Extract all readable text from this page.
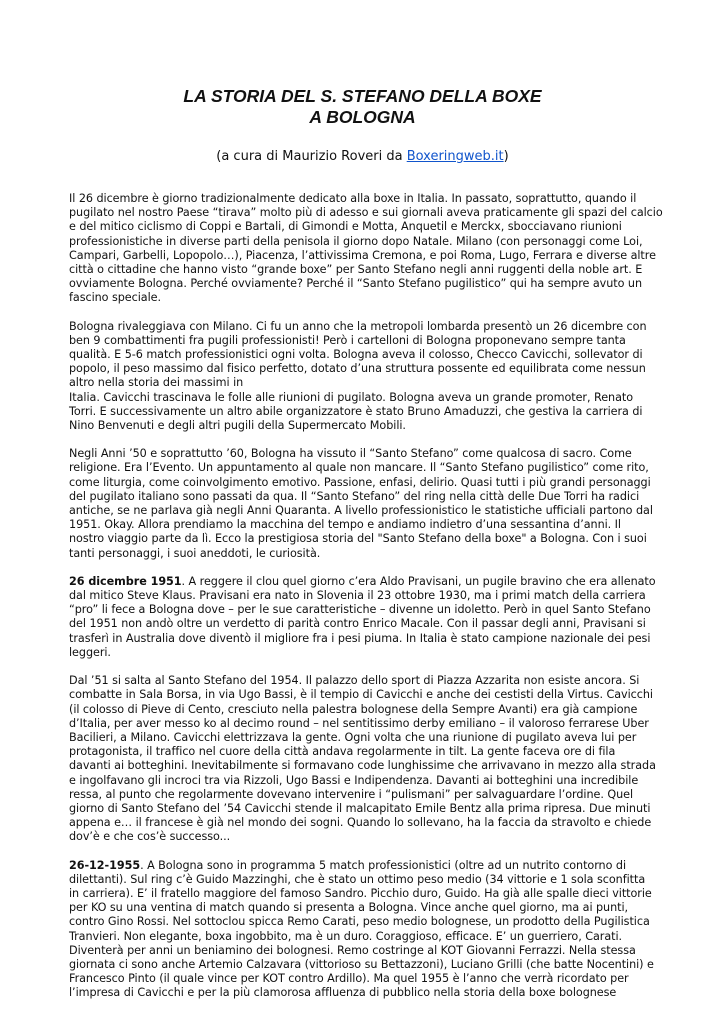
LA STORIA DEL S. STEFANO DELLA BOXE
A BOLOGNA
(a cura di Maurizio Roveri da Boxeringweb.it)

Il 26 dicembre è giorno tradizionalmente dedicato alla boxe in Italia. In passato, soprattutto, quando il
pugilato nel nostro Paese “tirava” molto più di adesso e sui giornali aveva praticamente gli spazi del calcio
e del mitico ciclismo di Coppi e Bartali, di Gimondi e Motta, Anquetil e Merckx, sbocciavano riunioni
professionistiche in diverse parti della penisola il giorno dopo Natale. Milano (con personaggi come Loi,
Campari, Garbelli, Lopopolo…), Piacenza, l’attivissima Cremona, e poi Roma, Lugo, Ferrara e diverse altre
città o cittadine che hanno visto “grande boxe” per Santo Stefano negli anni ruggenti della noble art. E
ovviamente Bologna. Perché ovviamente? Perché il “Santo Stefano pugilistico” qui ha sempre avuto un
fascino speciale.

Bologna rivaleggiava con Milano. Ci fu un anno che la metropoli lombarda presentò un 26 dicembre con
ben 9 combattimenti fra pugili professionisti! Però i cartelloni di Bologna proponevano sempre tanta
qualità. E 5-6 match professionistici ogni volta. Bologna aveva il colosso, Checco Cavicchi, sollevator di
popolo, il peso massimo dal fisico perfetto, dotato d’una struttura possente ed equilibrata come nessun
altro nella storia dei massimi in
Italia. Cavicchi trascinava le folle alle riunioni di pugilato. Bologna aveva un grande promoter, Renato
Torri. E successivamente un altro abile organizzatore è stato Bruno Amaduzzi, che gestiva la carriera di
Nino Benvenuti e degli altri pugili della Supermercato Mobili.

Negli Anni ’50 e soprattutto ’60, Bologna ha vissuto il “Santo Stefano” come qualcosa di sacro. Come
religione. Era l’Evento. Un appuntamento al quale non mancare. Il “Santo Stefano pugilistico” come rito,
come liturgia, come coinvolgimento emotivo. Passione, enfasi, delirio. Quasi tutti i più grandi personaggi
del pugilato italiano sono passati da qua. Il “Santo Stefano” del ring nella città delle Due Torri ha radici
antiche, se ne parlava già negli Anni Quaranta. A livello professionistico le statistiche ufficiali partono dal
1951. Okay. Allora prendiamo la macchina del tempo e andiamo indietro d’una sessantina d’anni. Il
nostro viaggio parte da lì. Ecco la prestigiosa storia del "Santo Stefano della boxe" a Bologna. Con i suoi
tanti personaggi, i suoi aneddoti, le curiosità.

26 dicembre 1951. A reggere il clou quel giorno c’era Aldo Pravisani, un pugile bravino che era allenato
dal mitico Steve Klaus. Pravisani era nato in Slovenia il 23 ottobre 1930, ma i primi match della carriera
“pro” li fece a Bologna dove – per le sue caratteristiche – divenne un idoletto. Però in quel Santo Stefano
del 1951 non andò oltre un verdetto di parità contro Enrico Macale. Con il passar degli anni, Pravisani si
trasferì in Australia dove diventò il migliore fra i pesi piuma. In Italia è stato campione nazionale dei pesi
leggeri.

Dal ’51 si salta al Santo Stefano del 1954. Il palazzo dello sport di Piazza Azzarita non esiste ancora. Si
combatte in Sala Borsa, in via Ugo Bassi, è il tempio di Cavicchi e anche dei cestisti della Virtus. Cavicchi
(il colosso di Pieve di Cento, cresciuto nella palestra bolognese della Sempre Avanti) era già campione
d’Italia, per aver messo ko al decimo round – nel sentitissimo derby emiliano – il valoroso ferrarese Uber
Bacilieri, a Milano. Cavicchi elettrizzava la gente. Ogni volta che una riunione di pugilato aveva lui per
protagonista, il traffico nel cuore della città andava regolarmente in tilt. La gente faceva ore di fila
davanti ai botteghini. Inevitabilmente si formavano code lunghissime che arrivavano in mezzo alla strada
e ingolfavano gli incroci tra via Rizzoli, Ugo Bassi e Indipendenza. Davanti ai botteghini una incredibile
ressa, al punto che regolarmente dovevano intervenire i “pulismani” per salvaguardare l’ordine. Quel
giorno di Santo Stefano del ’54 Cavicchi stende il malcapitato Emile Bentz alla prima ripresa. Due minuti
appena e… il francese è già nel mondo dei sogni. Quando lo sollevano, ha la faccia da stravolto e chiede
dov’è e che cos’è successo...

26-12-1955. A Bologna sono in programma 5 match professionistici (oltre ad un nutrito contorno di
dilettanti). Sul ring c’è Guido Mazzinghi, che è stato un ottimo peso medio (34 vittorie e 1 sola sconfitta
in carriera). E’ il fratello maggiore del famoso Sandro. Picchio duro, Guido. Ha già alle spalle dieci vittorie
per KO su una ventina di match quando si presenta a Bologna. Vince anche quel giorno, ma ai punti,
contro Gino Rossi. Nel sottoclou spicca Remo Carati, peso medio bolognese, un prodotto della Pugilistica
Tranvieri. Non elegante, boxa ingobbito, ma è un duro. Coraggioso, efficace. E’ un guerriero, Carati.
Diventerà per anni un beniamino dei bolognesi. Remo costringe al KOT Giovanni Ferrazzi. Nella stessa
giornata ci sono anche Artemio Calzavara (vittorioso su Bettazzoni), Luciano Grilli (che batte Nocentini) e
Francesco Pinto (il quale vince per KOT contro Ardillo). Ma quel 1955 è l’anno che verrà ricordato per
l’impresa di Cavicchi e per la più clamorosa affluenza di pubblico nella storia della boxe bolognese
